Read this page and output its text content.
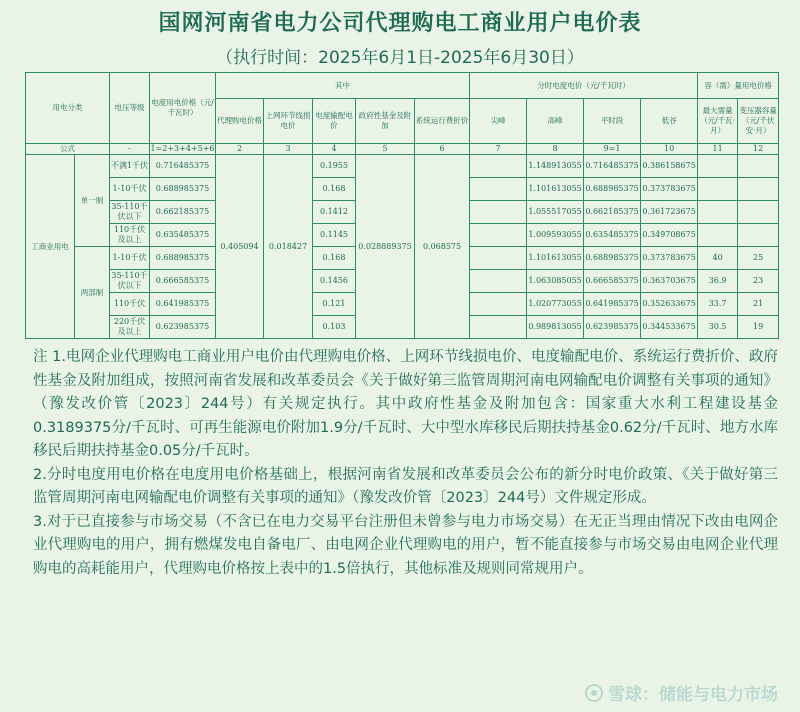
国网河南省电力公司代理购电工商业用户电价表
（执行时间：2025年6月1日-2025年6月30日）
用电分类		电压等级	电度用电价格（元/千瓦时）	其中					分时电度电价（元/千瓦时）				容（需）量用电价格	
				代理购电价格	上网环节线损电价	电度输配电价	政府性基金及附加	系统运行费折价	尖峰	高峰	平时段	低谷	最大需量（元/千瓦·月）	变压器容量（元/千伏安·月）
公式		-	1=2+3+4+5+6	2	3	4	5	6	7	8	9=1	10	11	12
工商业用电	单一制	不满1千伏	0.716485375	0.405094	0.018427	0.1955	0.028889375	0.068575		1.148913055	0.716485375	0.386158675		
		1-10千伏	0.688985375			0.168				1.101613055	0.688985375	0.373783675		
		35-110千伏以下	0.662185375			0.1412				1.055517055	0.662185375	0.361723675		
		110千伏及以上	0.635485375			0.1145				1.009593055	0.635485375	0.349708675		
	两部制	1-10千伏	0.688985375			0.168				1.101613055	0.688985375	0.373783675	40	25
		35-110千伏以下	0.666585375			0.1456				1.063085055	0.666585375	0.363703675	36.9	23
		110千伏	0.641985375			0.121				1.020773055	0.641985375	0.352633675	33.7	21
		220千伏及以上	0.623985375			0.103				0.989813055	0.623985375	0.344533675	30.5	19

注 1.电网企业代理购电工商业用户电价由代理购电价格、上网环节线损电价、电度输配电价、系统运行费折价、政府性基金及附加组成，按照河南省发展和改革委员会《关于做好第三监管周期河南电网输配电价调整有关事项的通知》（豫发改价管〔2023〕244号）有关规定执行。其中政府性基金及附加包含：国家重大水利工程建设基金0.3189375分/千瓦时、可再生能源电价附加1.9分/千瓦时、大中型水库移民后期扶持基金0.62分/千瓦时、地方水库移民后期扶持基金0.05分/千瓦时。

2.分时电度用电价格在电度用电价格基础上，根据河南省发展和改革委员会公布的新分时电价政策、《关于做好第三监管周期河南电网输配电价调整有关事项的通知》（豫发改价管〔2023〕244号）文件规定形成。

3.对于已直接参与市场交易（不含已在电力交易平台注册但未曾参与电力市场交易）在无正当理由情况下改由电网企业代理购电的用户，拥有燃煤发电自备电厂、由电网企业代理购电的用户，暂不能直接参与市场交易由电网企业代理购电的高耗能用户，代理购电价格按上表中的1.5倍执行，其他标准及规则同常规用户。

雪球：储能与电力市场
